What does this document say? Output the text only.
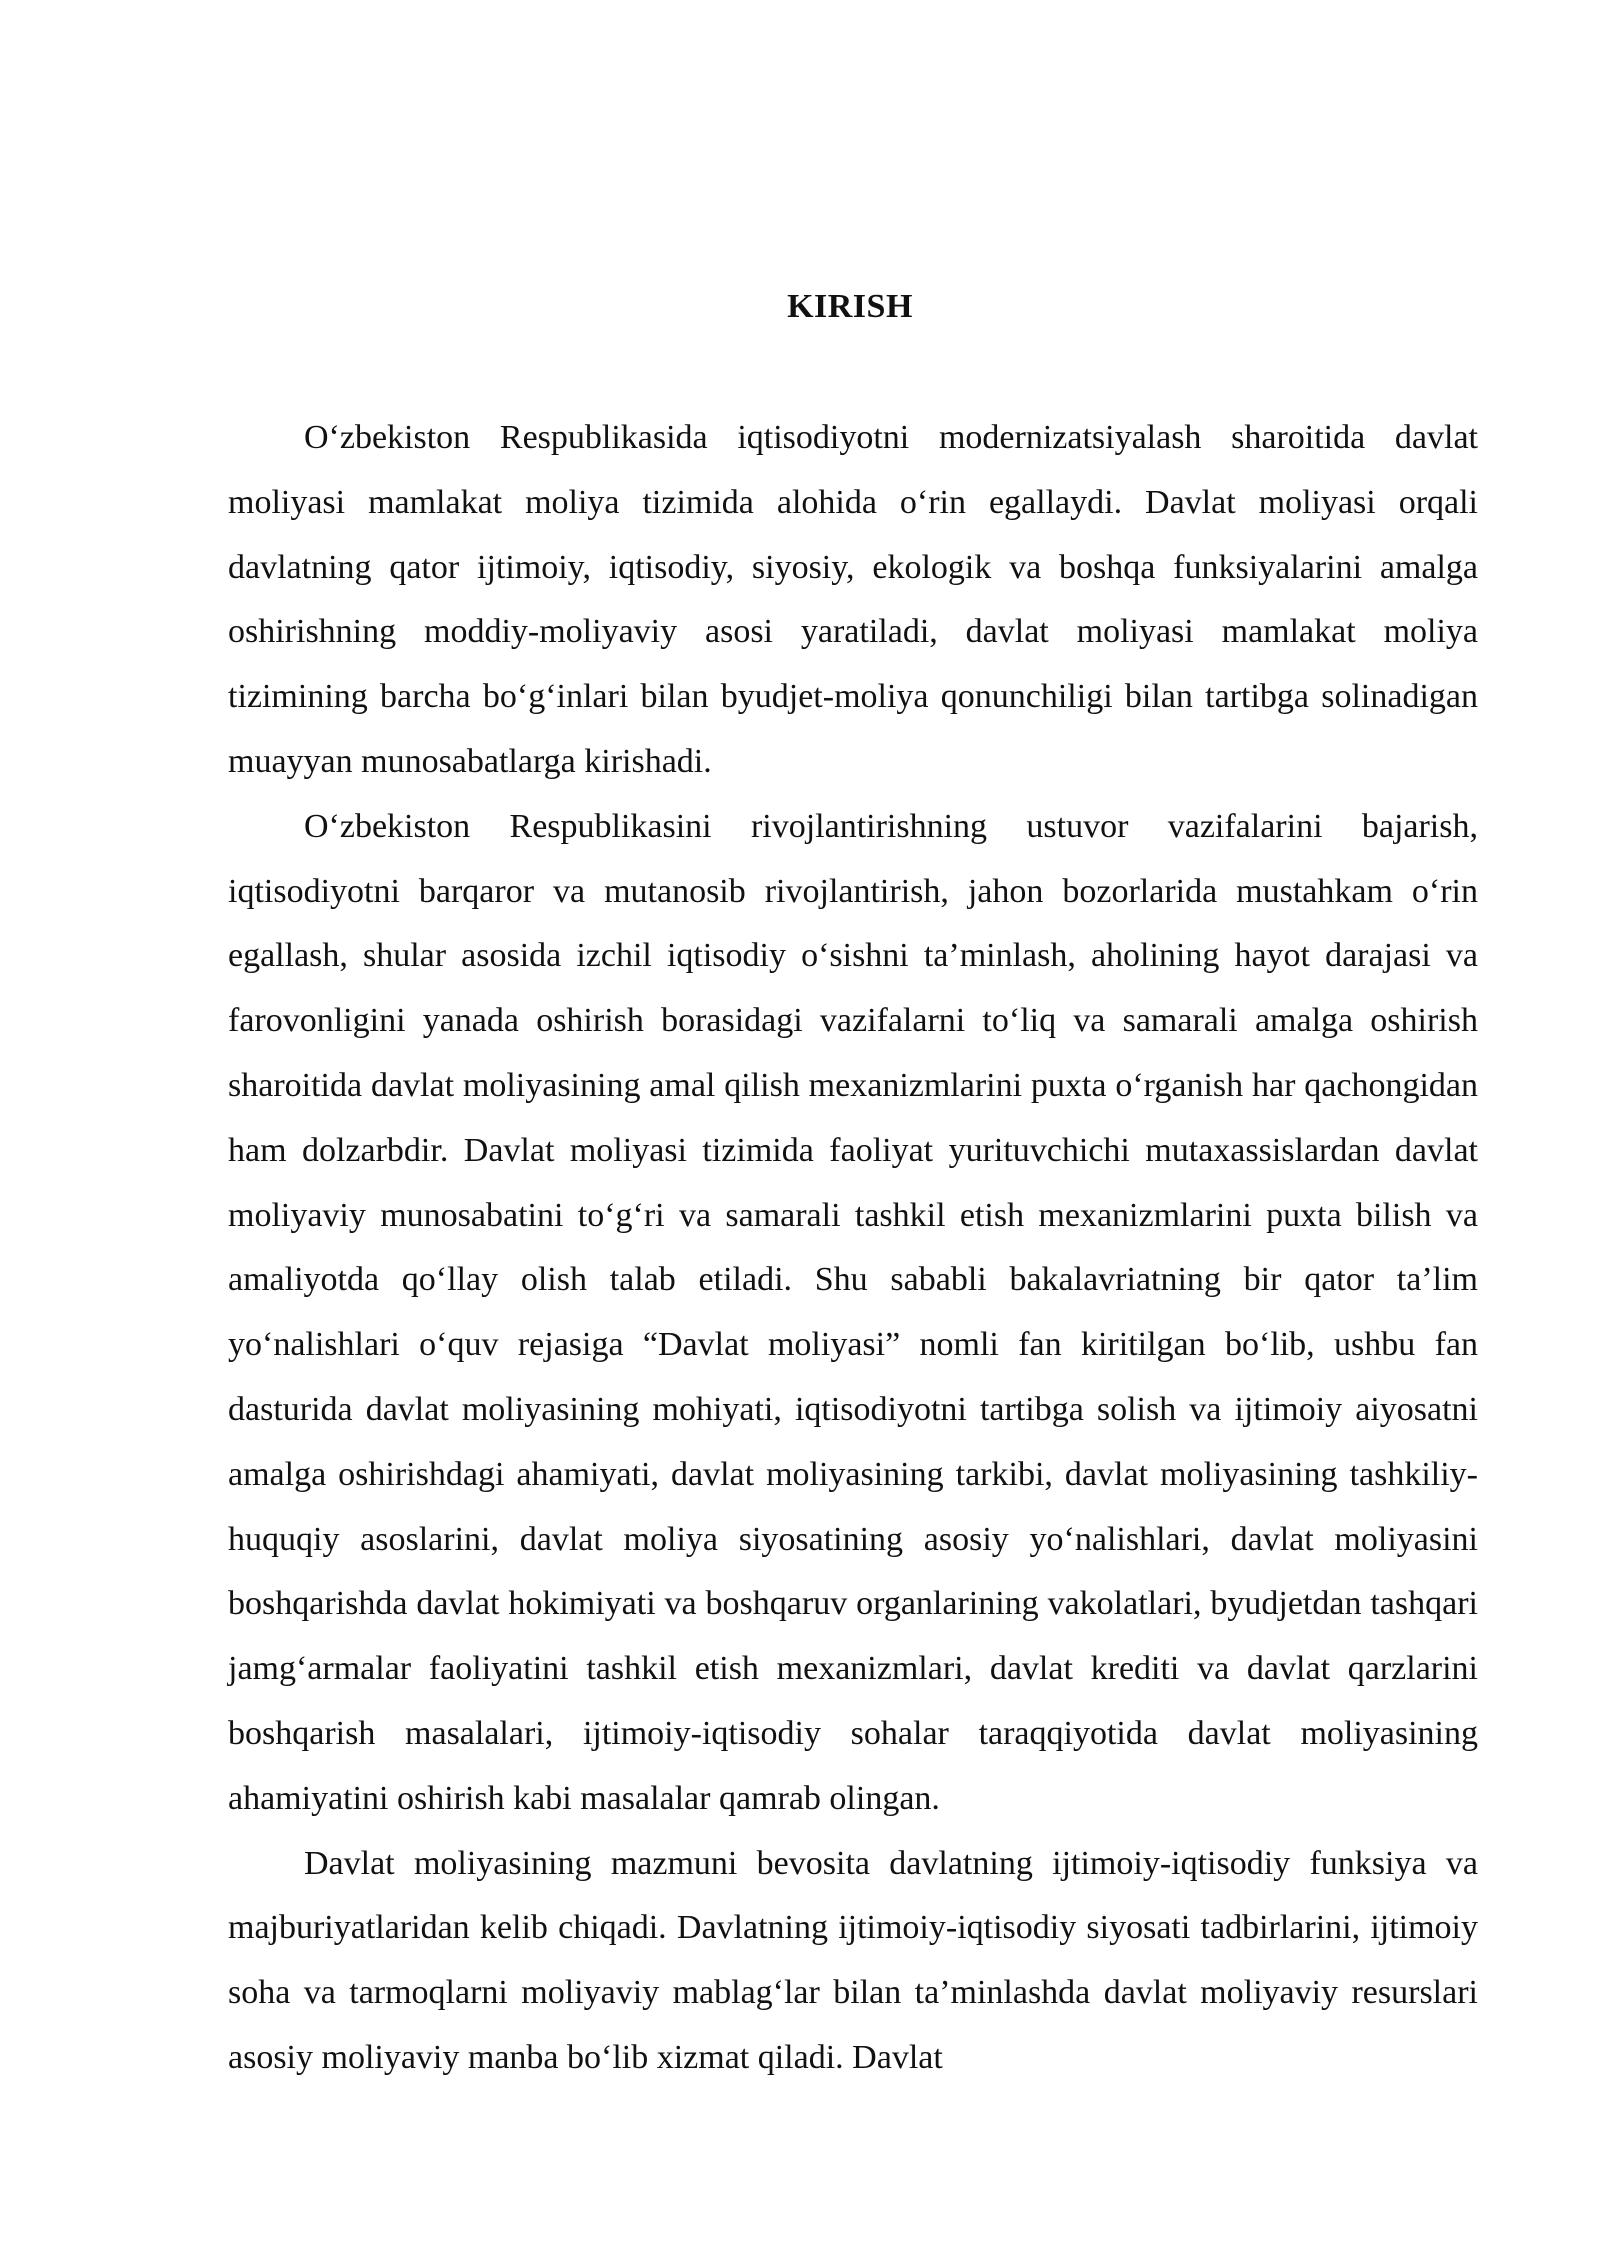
KIRISH

O‘zbekiston Respublikasida iqtisodiyotni modernizatsiyalash sharoitida davlat moliyasi mamlakat moliya tizimida alohida o‘rin egallaydi. Davlat moliyasi orqali davlatning qator ijtimoiy, iqtisodiy, siyosiy, ekologik va boshqa funksiyalarini amalga oshirishning moddiy-moliyaviy asosi yaratiladi, davlat moliyasi mamlakat moliya tizimining barcha bo‘g‘inlari bilan byudjet-moliya qonunchiligi bilan tartibga solinadigan muayyan munosabatlarga kirishadi.

O‘zbekiston Respublikasini rivojlantirishning ustuvor vazifalarini bajarish, iqtisodiyotni barqaror va mutanosib rivojlantirish, jahon bozorlarida mustahkam o‘rin egallash, shular asosida izchil iqtisodiy o‘sishni ta’minlash, aholining hayot darajasi va farovonligini yanada oshirish borasidagi vazifalarni to‘liq va samarali amalga oshirish sharoitida davlat moliyasining amal qilish mexanizmlarini puxta o‘rganish har qachongidan ham dolzarbdir. Davlat moliyasi tizimida faoliyat yurituvchichi mutaxassislardan davlat moliyaviy munosabatini to‘g‘ri va samarali tashkil etish mexanizmlarini puxta bilish va amaliyotda qo‘llay olish talab etiladi. Shu sababli bakalavriatning bir qator ta’lim yo‘nalishlari o‘quv rejasiga “Davlat moliyasi” nomli fan kiritilgan bo‘lib, ushbu fan dasturida davlat moliyasining mohiyati, iqtisodiyotni tartibga solish va ijtimoiy aiyosatni amalga oshirishdagi ahamiyati, davlat moliyasining tarkibi, davlat moliyasining tashkiliy-huquqiy asoslarini, davlat moliya siyosatining asosiy yo‘nalishlari, davlat moliyasini boshqarishda davlat hokimiyati va boshqaruv organlarining vakolatlari, byudjetdan tashqari jamg‘armalar faoliyatini tashkil etish mexanizmlari, davlat krediti va davlat qarzlarini boshqarish masalalari, ijtimoiy-iqtisodiy sohalar taraqqiyotida davlat moliyasining ahamiyatini oshirish kabi masalalar qamrab olingan.

Davlat moliyasining mazmuni bevosita davlatning ijtimoiy-iqtisodiy funksiya va majburiyatlaridan kelib chiqadi. Davlatning ijtimoiy-iqtisodiy siyosati tadbirlarini, ijtimoiy soha va tarmoqlarni moliyaviy mablag‘lar bilan ta’minlashda davlat moliyaviy resurslari asosiy moliyaviy manba bo‘lib xizmat qiladi. Davlat
